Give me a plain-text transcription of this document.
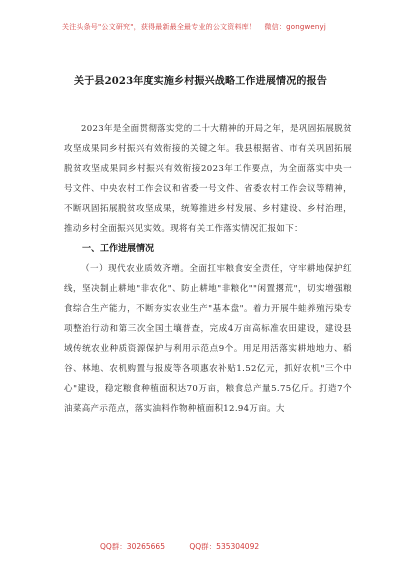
关注头条号"公文研究"，获得最新最全最专业的公文资料库！ 微信：gongwenyj
关于县2023年度实施乡村振兴战略工作进展情况的报告

2023年是全面贯彻落实党的二十大精神的开局之年，是巩固拓展脱贫攻坚成果同乡村振兴有效衔接的关键之年。我县根据省、市有关巩固拓展脱贫攻坚成果同乡村振兴有效衔接2023年工作要点，为全面落实中央一号文件、中央农村工作会议和省委一号文件、省委农村工作会议等精神，不断巩固拓展脱贫攻坚成果，统筹推进乡村发展、乡村建设、乡村治理，推动乡村全面振兴见实效。现将有关工作落实情况汇报如下：

一、工作进展情况

（一）现代农业质效齐增。全面扛牢粮食安全责任，守牢耕地保护红线，坚决制止耕地"非农化"、防止耕地"非粮化""闲置撂荒"，切实增强粮食综合生产能力，不断夯实农业生产"基本盘"。着力开展牛蛙养殖污染专项整治行动和第三次全国土壤普查，完成4万亩高标准农田建设，建设县域传统农业种质资源保护与利用示范点9个。用足用活落实耕地地力、稻谷、林地、农机购置与报废等各项惠农补贴1.52亿元，抓好农机"三个中心"建设，稳定粮食种植面积达70万亩，粮食总产量5.75亿斤。打造7个油菜高产示范点，落实油料作物种植面积12.94万亩。大

QQ群：30265665	QQ群：535304092
